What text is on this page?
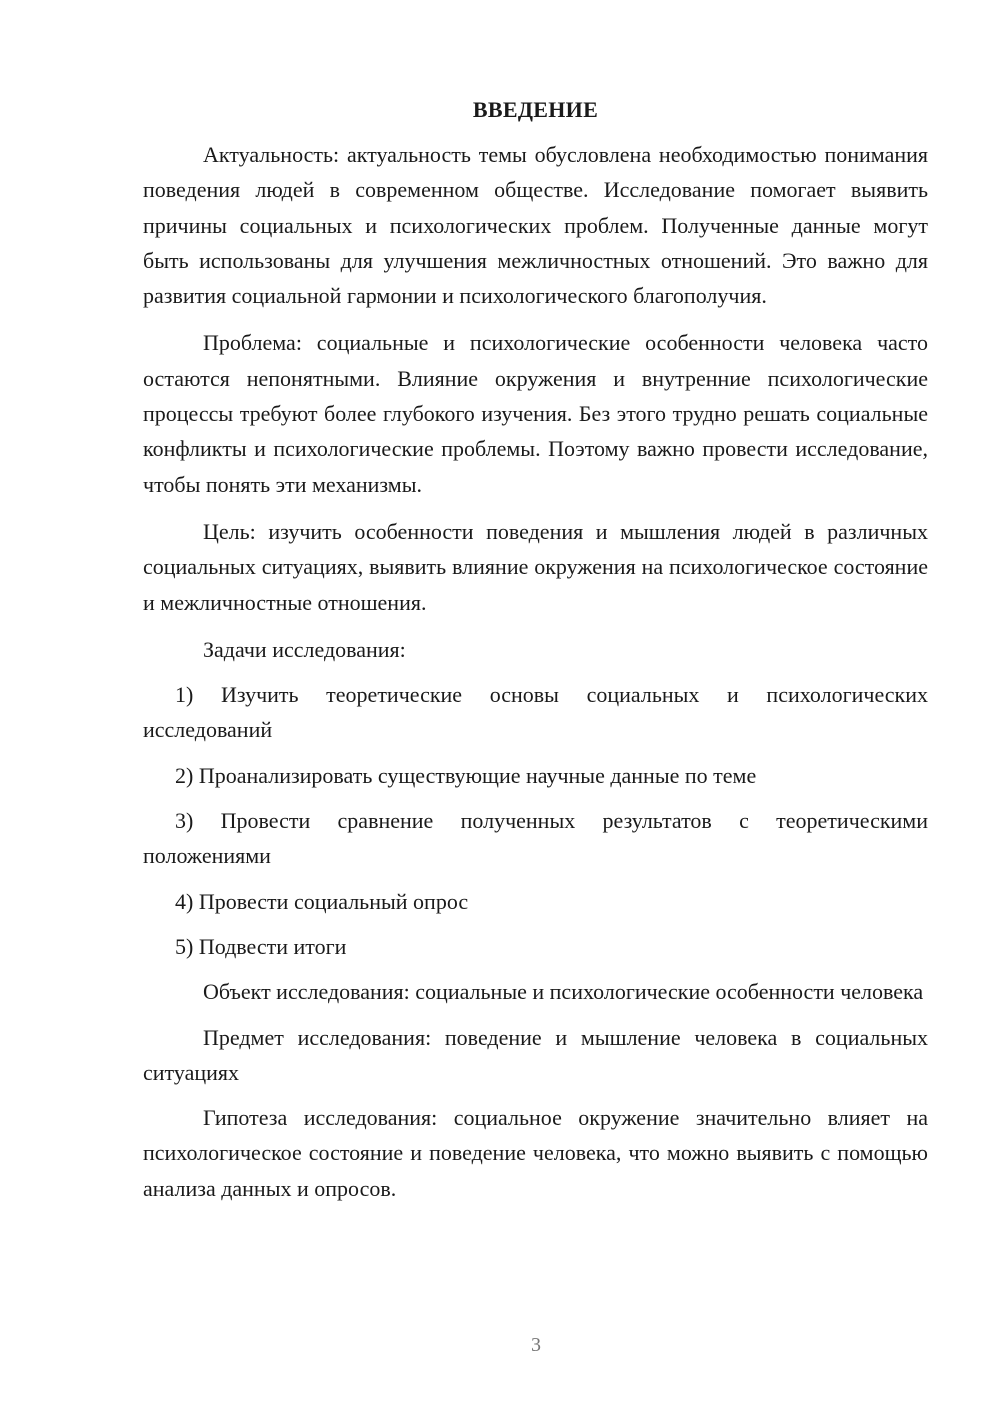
ВВЕДЕНИЕ

Актуальность: актуальность темы обусловлена необходимостью понимания поведения людей в современном обществе. Исследование помогает выявить причины социальных и психологических проблем. Полученные данные могут быть использованы для улучшения межличностных отношений. Это важно для развития социальной гармонии и психологического благополучия.

Проблема: социальные и психологические особенности человека часто остаются непонятными. Влияние окружения и внутренние психологические процессы требуют более глубокого изучения. Без этого трудно решать социальные конфликты и психологические проблемы. Поэтому важно провести исследование, чтобы понять эти механизмы.

Цель: изучить особенности поведения и мышления людей в различных социальных ситуациях, выявить влияние окружения на психологическое состояние и межличностные отношения.

Задачи исследования:

1) Изучить теоретические основы социальных и психологических исследований

2) Проанализировать существующие научные данные по теме

3) Провести сравнение полученных результатов с теоретическими положениями

4) Провести социальный опрос

5) Подвести итоги

Объект исследования: социальные и психологические особенности человека

Предмет исследования: поведение и мышление человека в социальных ситуациях

Гипотеза исследования: социальное окружение значительно влияет на психологическое состояние и поведение человека, что можно выявить с помощью анализа данных и опросов.

3
